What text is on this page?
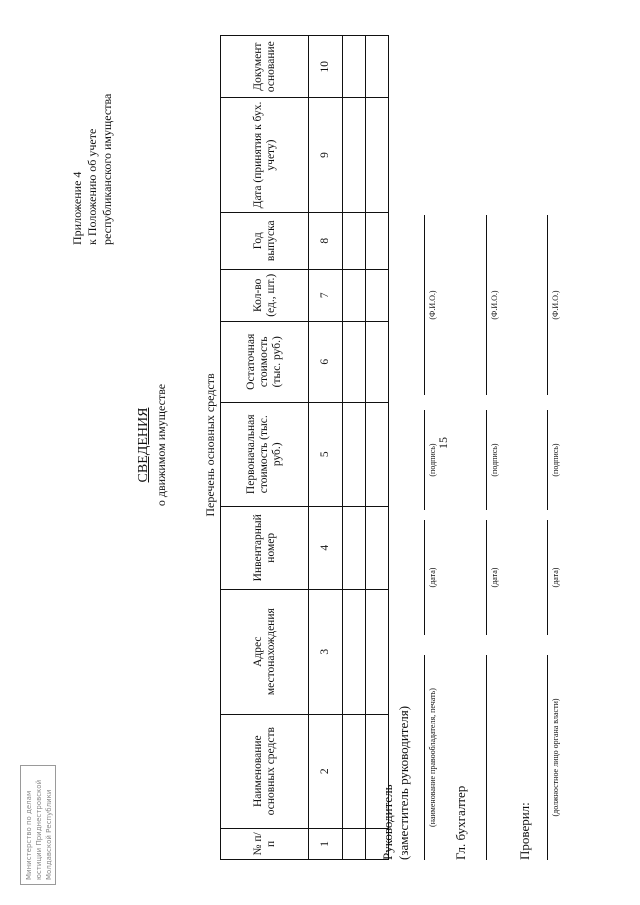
Министерство по делам юстиции Приднестровской Молдавской Республики
15
Приложение 4 к Положению об учете республиканского имущества
СВЕДЕНИЯ о движимом имуществе	Перечень основных средств
№ п/п	Наименование основных средств	Адрес местонахождения	Инвентарный номер	Первоначальная стоимость (тыс. руб.)	Остаточная стоимость (тыс. руб.)	Кол-во (ед., шт.)	Год выпуска	Дата (принятия к бух. учету)	Документ основание
1	2	3	4	5	6	7	8	9	10

Руководитель (заместитель руководителя) (наименование правообладателя, печать)
(дата)
(подпись)
(Ф.И.О.)
Гл. бухгалтер
(дата)
(подпись)
(Ф.И.О.)
Проверил:
(должностное лицо органа власти)
(дата)
(подпись)
(Ф.И.О.)
